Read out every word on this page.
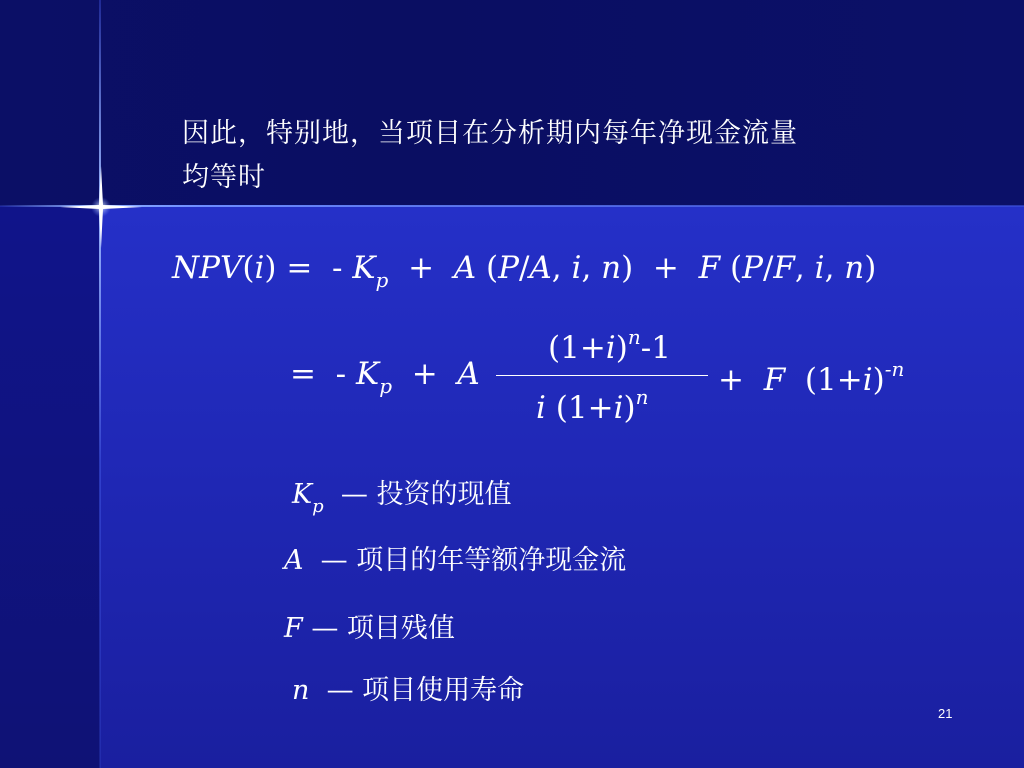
因此，特别地，当项目在分析期内每年净现金流量
均等时
NPV(i) =  - $K_p + A$ (P/A, i, n)  +  F (P/F, i, n)
=  - $K_p + A$
$(1+i)^n-1$
i $(1+i)^n + F$  $(1+i)^{-n}$
$K_p$ — 投资的现值
A — 项目的年等额净现金流
F — 项目残值
n — 项目使用寿命
21
